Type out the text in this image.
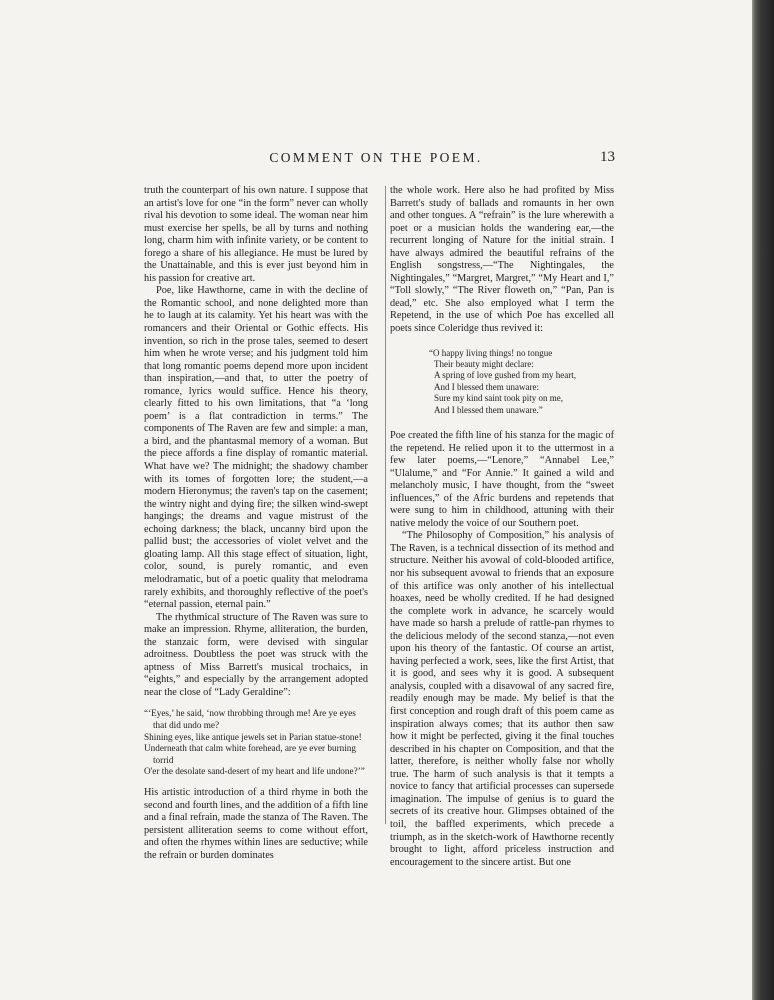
COMMENT ON THE POEM.	13

truth the counterpart of his own nature. I suppose that an artist's love for one “in the form” never can wholly rival his devotion to some ideal. The woman near him must exercise her spells, be all by turns and nothing long, charm him with infinite variety, or be content to forego a share of his allegiance. He must be lured by the Unattainable, and this is ever just beyond him in his passion for creative art.

Poe, like Hawthorne, came in with the decline of the Romantic school, and none delighted more than he to laugh at its calamity. Yet his heart was with the romancers and their Oriental or Gothic effects. His invention, so rich in the prose tales, seemed to desert him when he wrote verse; and his judgment told him that long romantic poems depend more upon incident than inspiration,—and that, to utter the poetry of romance, lyrics would suffice. Hence his theory, clearly fitted to his own limitations, that “a ‘long poem’ is a flat contradiction in terms.” The components of The Raven are few and simple: a man, a bird, and the phantasmal memory of a woman. But the piece affords a fine display of romantic material. What have we? The midnight; the shadowy chamber with its tomes of forgotten lore; the student,—a modern Hieronymus; the raven's tap on the casement; the wintry night and dying fire; the silken wind-swept hangings; the dreams and vague mistrust of the echoing darkness; the black, uncanny bird upon the pallid bust; the accessories of violet velvet and the gloating lamp. All this stage effect of situation, light, color, sound, is purely romantic, and even melodramatic, but of a poetic quality that melodrama rarely exhibits, and thoroughly reflective of the poet's “eternal passion, eternal pain.”

The rhythmical structure of The Raven was sure to make an impression. Rhyme, alliteration, the burden, the stanzaic form, were devised with singular adroitness. Doubtless the poet was struck with the aptness of Miss Barrett's musical trochaics, in “eights,” and especially by the arrangement adopted near the close of “Lady Geraldine”:

“‘Eyes,’ he said, ‘now throbbing through me! Are ye eyes that did undo me?
Shining eyes, like antique jewels set in Parian statue-stone!
Underneath that calm white forehead, are ye ever burning torrid
O'er the desolate sand-desert of my heart and life undone?’”

His artistic introduction of a third rhyme in both the second and fourth lines, and the addition of a fifth line and a final refrain, made the stanza of The Raven. The persistent alliteration seems to come without effort, and often the rhymes within lines are seductive; while the refrain or burden dominates

the whole work. Here also he had profited by Miss Barrett's study of ballads and romaunts in her own and other tongues. A “refrain” is the lure wherewith a poet or a musician holds the wandering ear,—the recurrent longing of Nature for the initial strain. I have always admired the beautiful refrains of the English songstress,—“The Nightingales, the Nightingales,” “Margret, Margret,” “My Heart and I,” “Toll slowly,” “The River floweth on,” “Pan, Pan is dead,” etc. She also employed what I term the Repetend, in the use of which Poe has excelled all poets since Coleridge thus revived it:

“O happy living things! no tongue
Their beauty might declare:
A spring of love gushed from my heart,
And I blessed them unaware:
Sure my kind saint took pity on me,
And I blessed them unaware.”

Poe created the fifth line of his stanza for the magic of the repetend. He relied upon it to the uttermost in a few later poems,—“Lenore,” “Annabel Lee,” “Ulalume,” and “For Annie.” It gained a wild and melancholy music, I have thought, from the “sweet influences,” of the Afric burdens and repetends that were sung to him in childhood, attuning with their native melody the voice of our Southern poet.

“The Philosophy of Composition,” his analysis of The Raven, is a technical dissection of its method and structure. Neither his avowal of cold-blooded artifice, nor his subsequent avowal to friends that an exposure of this artifice was only another of his intellectual hoaxes, need be wholly credited. If he had designed the complete work in advance, he scarcely would have made so harsh a prelude of rattle-pan rhymes to the delicious melody of the second stanza,—not even upon his theory of the fantastic. Of course an artist, having perfected a work, sees, like the first Artist, that it is good, and sees why it is good. A subsequent analysis, coupled with a disavowal of any sacred fire, readily enough may be made. My belief is that the first conception and rough draft of this poem came as inspiration always comes; that its author then saw how it might be perfected, giving it the final touches described in his chapter on Composition, and that the latter, therefore, is neither wholly false nor wholly true. The harm of such analysis is that it tempts a novice to fancy that artificial processes can supersede imagination. The impulse of genius is to guard the secrets of its creative hour. Glimpses obtained of the toil, the baffled experiments, which precede a triumph, as in the sketch-work of Hawthorne recently brought to light, afford priceless instruction and encouragement to the sincere artist. But one
